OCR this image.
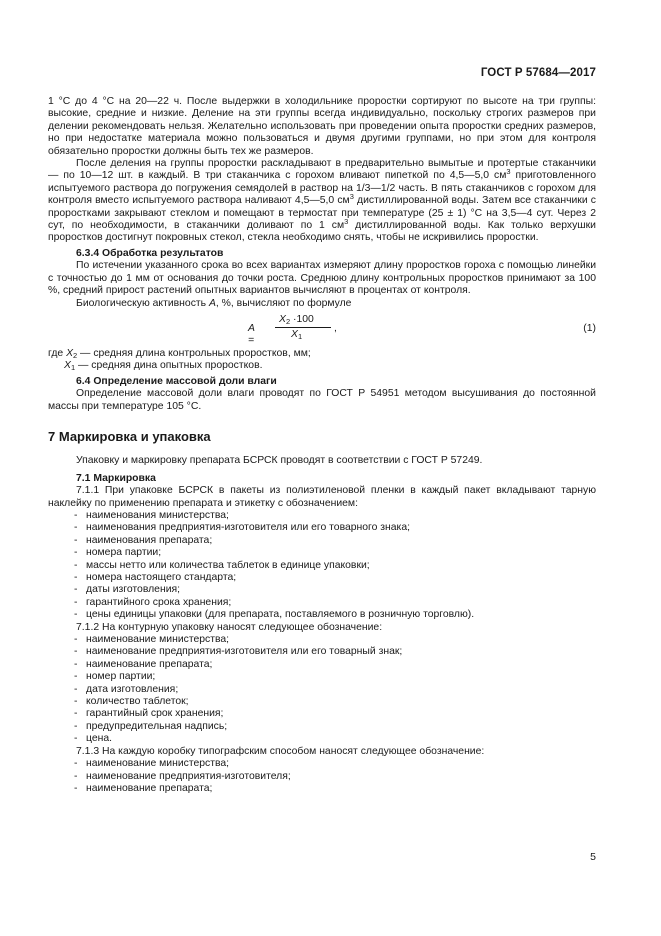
ГОСТ Р 57684—2017

1 °С до 4 °С на 20—22 ч. После выдержки в холодильнике проростки сортируют по высоте на три группы: высокие, средние и низкие. Деление на эти группы всегда индивидуально, поскольку строгих размеров при делении рекомендовать нельзя. Желательно использовать при проведении опыта проростки средних размеров, но при недостатке материала можно пользоваться и двумя другими группами, но при этом для контроля обязательно проростки должны быть тех же размеров.

После деления на группы проростки раскладывают в предварительно вымытые и протертые стаканчики — по 10—12 шт. в каждый. В три стаканчика с горохом вливают пипеткой по 4,5—5,0 $см^3$ приготовленного испытуемого раствора до погружения семядолей в раствор на 1/3—1/2 часть. В пять стаканчиков с горохом для контроля вместо испытуемого раствора наливают 4,5—5,0 $см^3$ дистиллированной воды. Затем все стаканчики с проростками закрывают стеклом и помещают в термостат при температуре (25 ± 1) °С на 3,5—4 сут. Через 2 сут, по необходимости, в стаканчики доливают по 1 $см^3$ дистиллированной воды. Как только верхушки проростков достигнут покровных стекол, стекла необходимо снять, чтобы не искривились проростки.

6.3.4 Обработка результатов

По истечении указанного срока во всех вариантах измеряют длину проростков гороха с помощью линейки с точностью до 1 мм от основания до точки роста. Среднюю длину контрольных проростков принимают за 100 %, средний прирост растений опытных вариантов вычисляют в процентах от контроля.

Биологическую активность А, %, вычисляют по формуле

А =
$X_2 \cdot 100$
$X_1$
,	(1)
где $X_2$ — средняя длина контрольных проростков, мм;
$X_1$ — средняя дина опытных проростков.

6.4 Определение массовой доли влаги

Определение массовой доли влаги проводят по ГОСТ Р 54951 методом высушивания до постоянной массы при температуре 105 °С.

7 Маркировка и упаковка

Упаковку и маркировку препарата БСРСК проводят в соответствии с ГОСТ Р 57249.

7.1 Маркировка

7.1.1 При упаковке БСРСК в пакеты из полиэтиленовой пленки в каждый пакет вкладывают тарную наклейку по применению препарата и этикетку с обозначением:

- наименования министерства;
- наименования предприятия-изготовителя или его товарного знака;
- наименования препарата;
- номера партии;
- массы нетто или количества таблеток в единице упаковки;
- номера настоящего стандарта;
- даты изготовления;
- гарантийного срока хранения;
- цены единицы упаковки (для препарата, поставляемого в розничную торговлю).

7.1.2 На контурную упаковку наносят следующее обозначение:

- наименование министерства;
- наименование предприятия-изготовителя или его товарный знак;
- наименование препарата;
- номер партии;
- дата изготовления;
- количество таблеток;
- гарантийный срок хранения;
- предупредительная надпись;
- цена.

7.1.3 На каждую коробку типографским способом наносят следующее обозначение:

- наименование министерства;
- наименование предприятия-изготовителя;
- наименование препарата;
5
